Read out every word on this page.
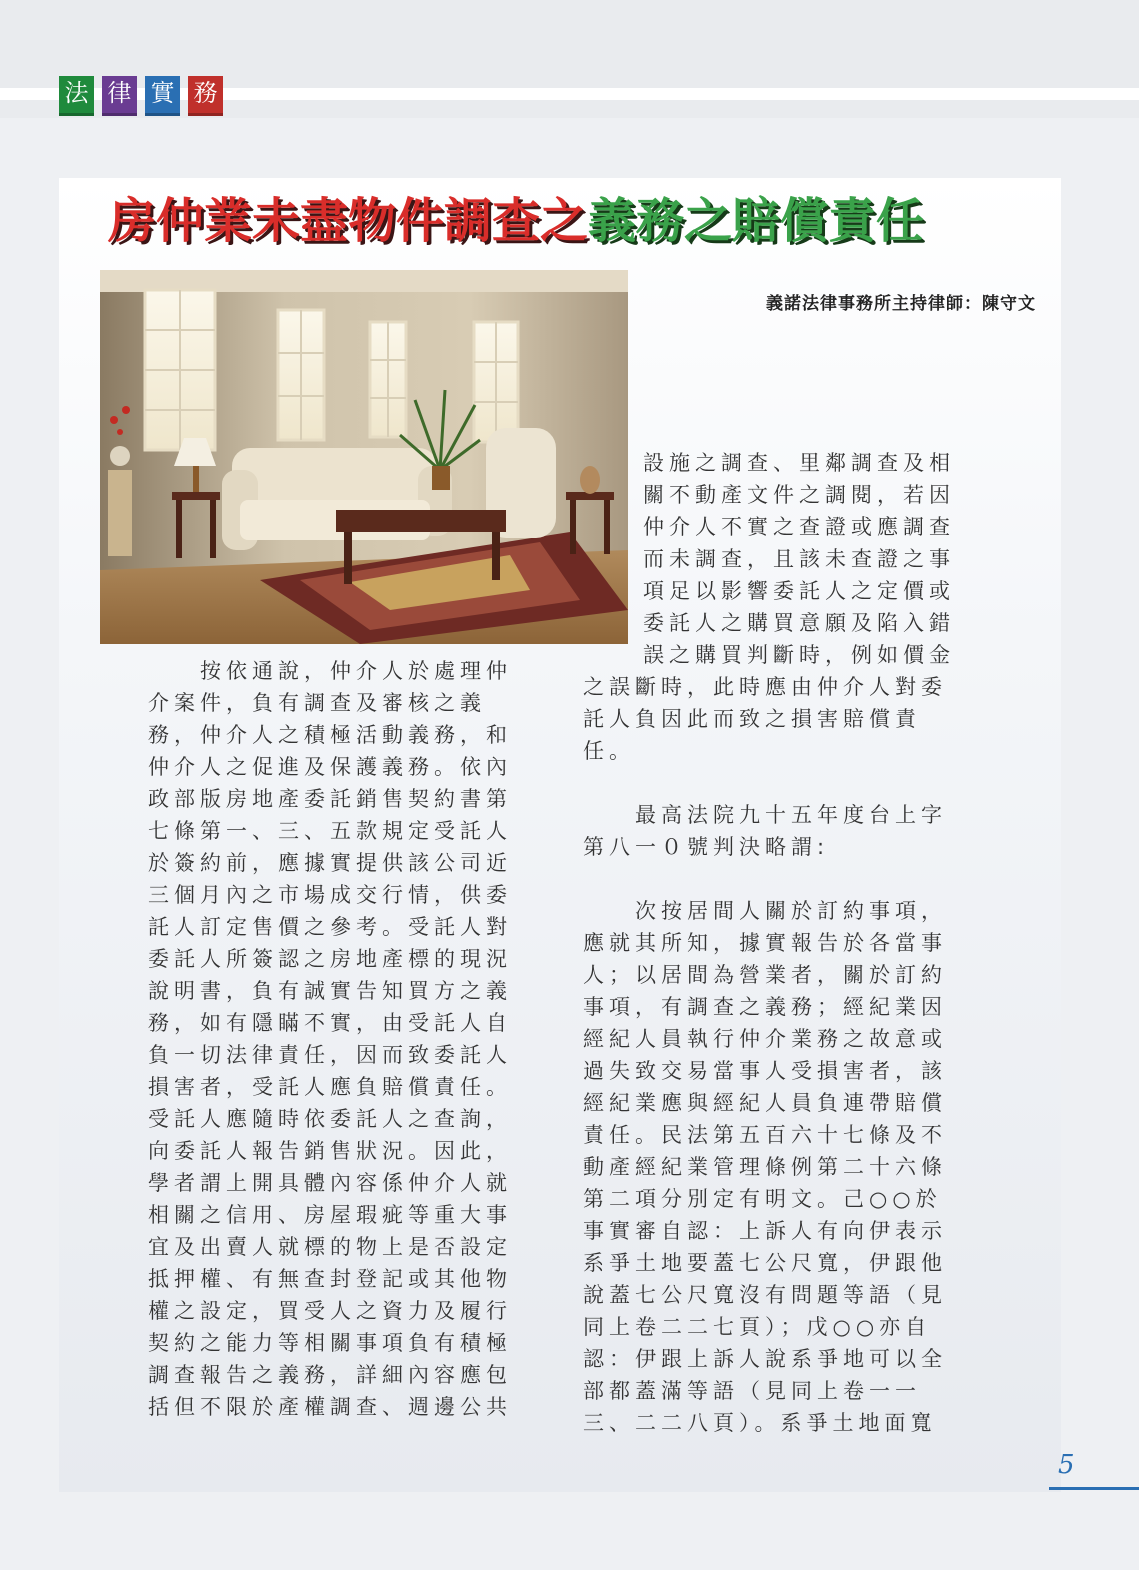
法 律 實 務
房仲業未盡物件調查之義務之賠償責任
義諾法律事務所主持律師：陳守文

　　按依通說，仲介人於處理仲

介案件，負有調查及審核之義

務，仲介人之積極活動義務，和

仲介人之促進及保護義務。依內

政部版房地產委託銷售契約書第

七條第一、三、五款規定受託人

於簽約前，應據實提供該公司近

三個月內之市場成交行情，供委

託人訂定售價之參考。受託人對

委託人所簽認之房地產標的現況

說明書，負有誠實告知買方之義

務，如有隱瞞不實，由受託人自

負一切法律責任，因而致委託人

損害者，受託人應負賠償責任。

受託人應隨時依委託人之查詢，

向委託人報告銷售狀況。因此，

學者謂上開具體內容係仲介人就

相關之信用、房屋瑕疵等重大事

宜及出賣人就標的物上是否設定

抵押權、有無查封登記或其他物

權之設定，買受人之資力及履行

契約之能力等相關事項負有積極

調查報告之義務，詳細內容應包

括但不限於產權調查、週邊公共

設施之調查、里鄰調查及相

關不動產文件之調閱，若因

仲介人不實之查證或應調查

而未調查，且該未查證之事

項足以影響委託人之定價或

委託人之購買意願及陷入錯

誤之購買判斷時，例如價金

之誤斷時，此時應由仲介人對委

託人負因此而致之損害賠償責

任。

　　最高法院九十五年度台上字

第八一０號判決略謂:

　　次按居間人關於訂約事項，

應就其所知，據實報告於各當事

人；以居間為營業者，關於訂約

事項，有調查之義務；經紀業因

經紀人員執行仲介業務之故意或

過失致交易當事人受損害者，該

經紀業應與經紀人員負連帶賠償

責任。民法第五百六十七條及不

動產經紀業管理條例第二十六條

第二項分別定有明文。己○○於

事實審自認：上訴人有向伊表示

系爭土地要蓋七公尺寬，伊跟他

說蓋七公尺寬沒有問題等語（見

同上卷二二七頁）；戊○○亦自

認：伊跟上訴人說系爭地可以全

部都蓋滿等語（見同上卷一一

三、二二八頁）。系爭土地面寬

5
